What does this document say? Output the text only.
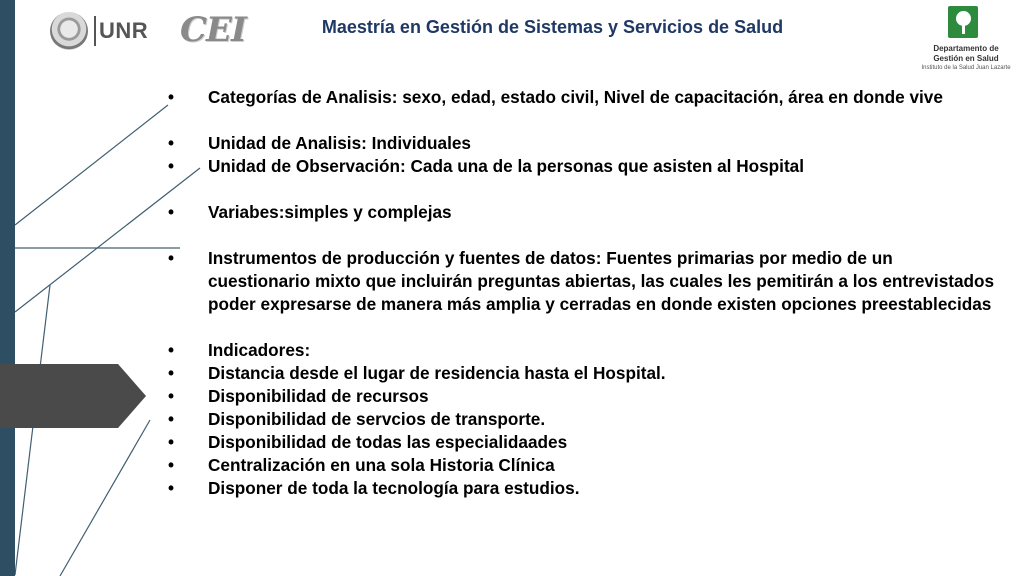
UNR CEI	Maestría en Gestión de Sistemas y Servicios de Salud
Departamento de
Gestión en Salud
Instituto de la Salud Juan Lazarte
•	Categorías de Analisis: sexo, edad, estado civil, Nivel de capacitación, área en donde vive
•	Unidad de Analisis: Individuales
•	Unidad de Observación: Cada una de la personas que asisten al Hospital
•	Variabes:simples y complejas
•	Instrumentos de producción y fuentes de datos: Fuentes primarias por medio de un cuestionario mixto que incluirán preguntas abiertas, las cuales les pemitirán a los entrevistados poder expresarse de manera más amplia y cerradas en donde existen opciones preestablecidas
•	Indicadores:
•	Distancia desde el lugar de residencia hasta el Hospital.
•	Disponibilidad de recursos
•	Disponibilidad de servcios de transporte.
•	Disponibilidad de todas las especialidaades
•	Centralización en una sola Historia Clínica
•	Disponer de toda la tecnología para estudios.
